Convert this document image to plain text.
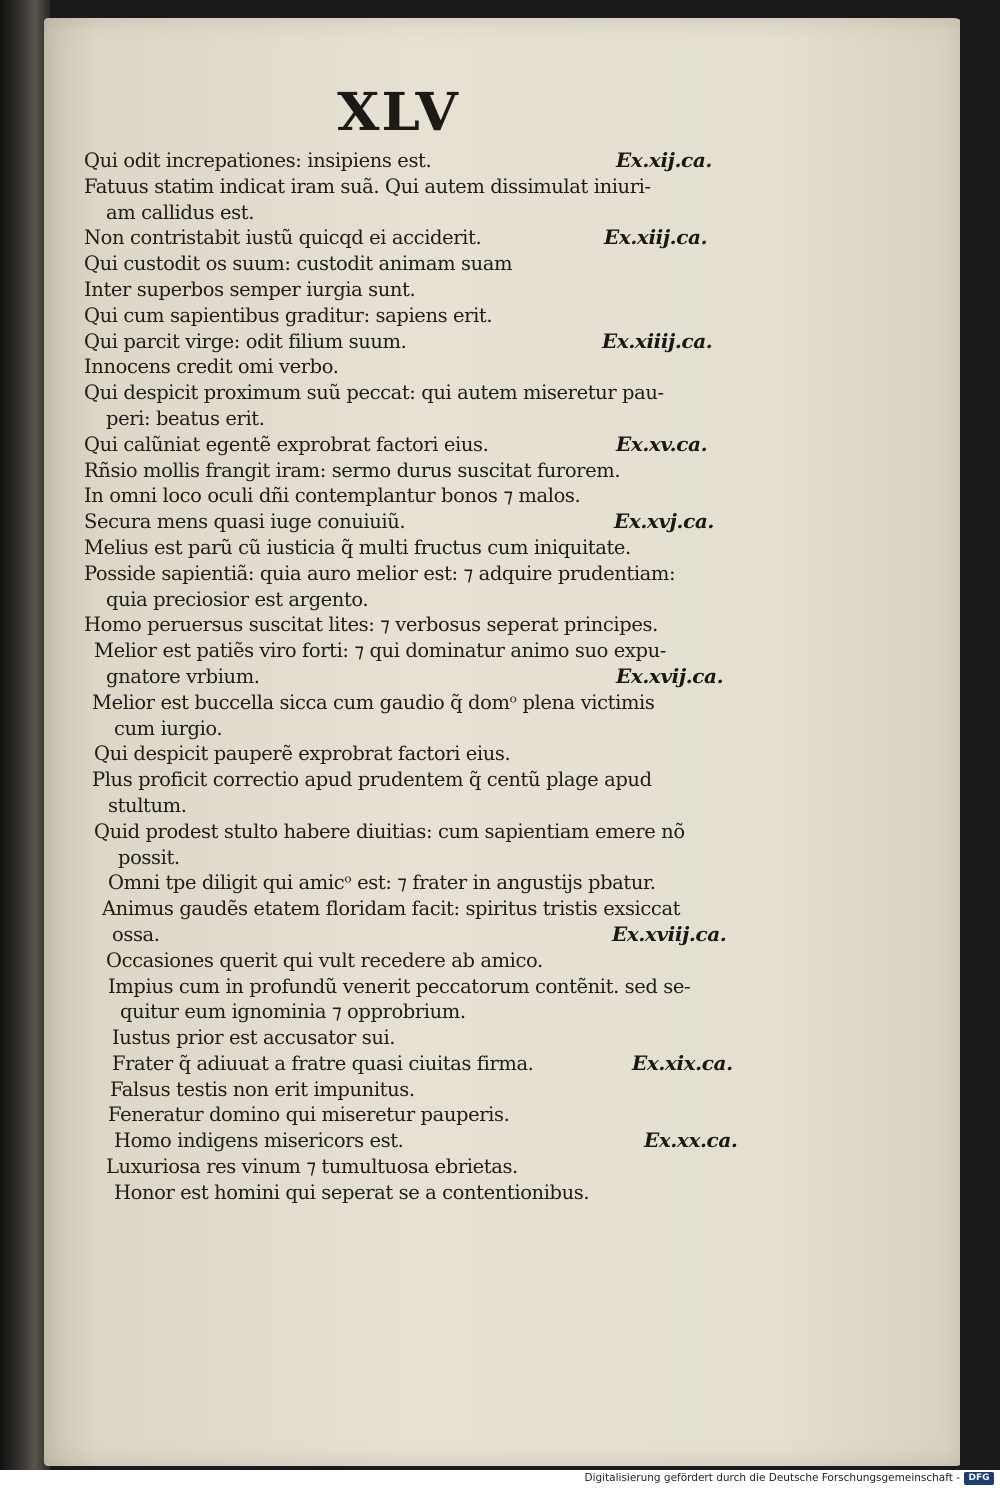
XLV
Qui odit increpationes: insipiens est.	Ex.xij.ca.
Fatuus statim indicat iram suã. Qui autem dissimulat iniuri-
am callidus est.
Non contristabit iustũ quicqd ei acciderit.	Ex.xiij.ca.
Qui custodit os suum: custodit animam suam
Inter superbos semper iurgia sunt.
Qui cum sapientibus graditur: sapiens erit.
Qui parcit virge: odit filium suum.	Ex.xiiij.ca.
Innocens credit omi verbo.
Qui despicit proximum suũ peccat: qui autem miseretur pau-
peri: beatus erit.
Qui calũniat egentẽ exprobrat factori eius.	Ex.xv.ca.
Rñsio mollis frangit iram: sermo durus suscitat furorem.
In omni loco oculi dñi contemplantur bonos ⁊ malos.
Secura mens quasi iuge conuiuiũ.	Ex.xvj.ca.
Melius est parũ cũ iusticia q̃ multi fructus cum iniquitate.
Posside sapientiã: quia auro melior est: ⁊ adquire prudentiam:
quia preciosior est argento.
Homo peruersus suscitat lites: ⁊ verbosus seperat principes.
Melior est patiẽs viro forti: ⁊ qui dominatur animo suo expu-
gnatore vrbium.	Ex.xvij.ca.
Melior est buccella sicca cum gaudio q̃ domᵒ plena victimis
cum iurgio.
Qui despicit pauperẽ exprobrat factori eius.
Plus proficit correctio apud prudentem q̃ centũ plage apud
stultum.
Quid prodest stulto habere diuitias: cum sapientiam emere nõ
possit.
Omni tpe diligit qui amicᵒ est: ⁊ frater in angustijs pbatur.
Animus gaudẽs etatem floridam facit: spiritus tristis exsiccat
ossa.	Ex.xviij.ca.
Occasiones querit qui vult recedere ab amico.
Impius cum in profundũ venerit peccatorum contẽnit. sed se-
quitur eum ignominia ⁊ opprobrium.
Iustus prior est accusator sui.
Frater q̃ adiuuat a fratre quasi ciuitas firma.	Ex.xix.ca.
Falsus testis non erit impunitus.
Feneratur domino qui miseretur pauperis.
Homo indigens misericors est.	Ex.xx.ca.
Luxuriosa res vinum ⁊ tumultuosa ebrietas.
Honor est homini qui seperat se a contentionibus.
Digitalisierung gefördert durch die Deutsche Forschungsgemeinschaft - DFG
